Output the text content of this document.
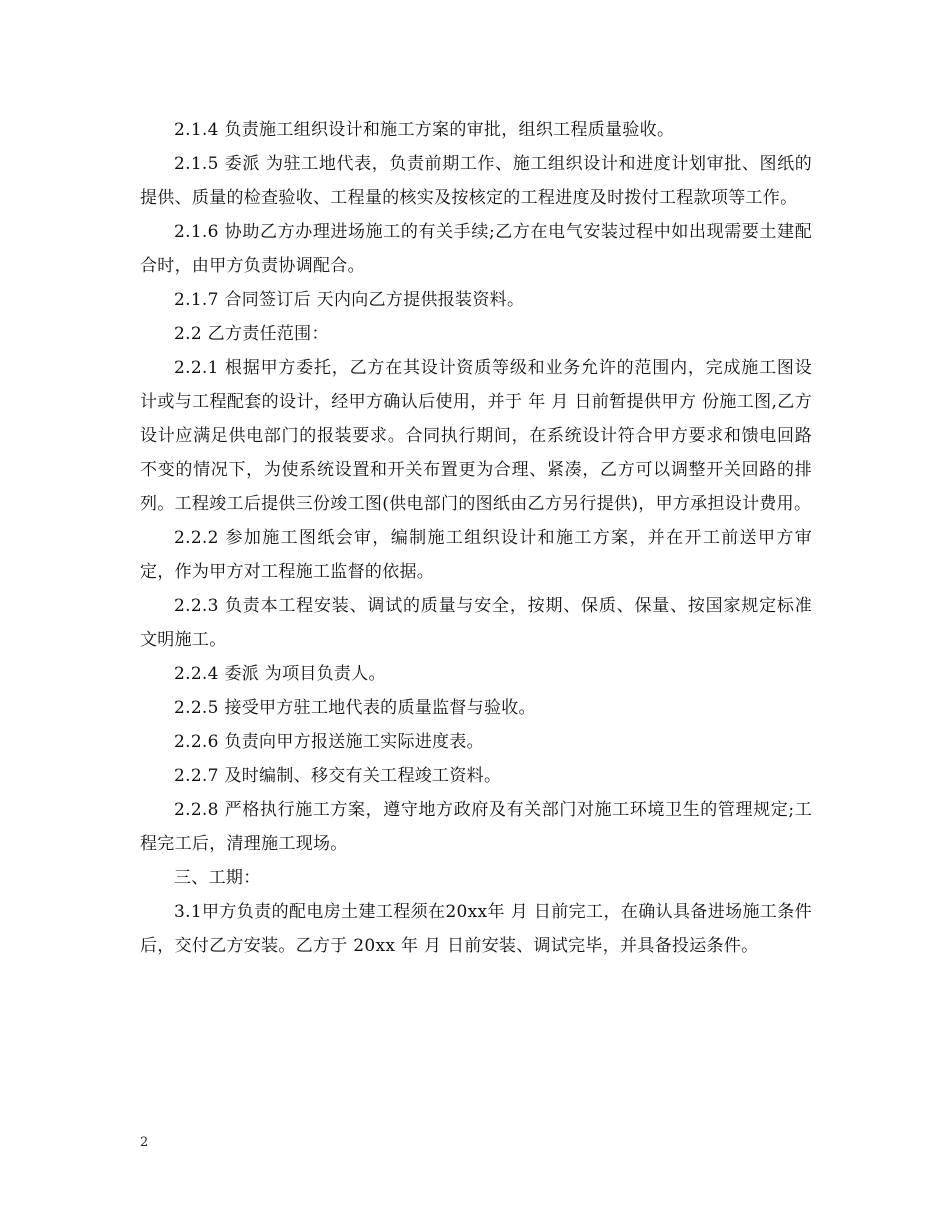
2.1.4 负责施工组织设计和施工方案的审批，组织工程质量验收。

2.1.5 委派 为驻工地代表，负责前期工作、施工组织设计和进度计划审批、图纸的提供、质量的检查验收、工程量的核实及按核定的工程进度及时拨付工程款项等工作。

2.1.6 协助乙方办理进场施工的有关手续;乙方在电气安装过程中如出现需要土建配合时，由甲方负责协调配合。

2.1.7 合同签订后 天内向乙方提供报装资料。

2.2 乙方责任范围：

2.2.1 根据甲方委托，乙方在其设计资质等级和业务允许的范围内，完成施工图设计或与工程配套的设计，经甲方确认后使用，并于 年 月 日前暂提供甲方 份施工图,乙方设计应满足供电部门的报装要求。合同执行期间，在系统设计符合甲方要求和馈电回路不变的情况下，为使系统设置和开关布置更为合理、紧凑，乙方可以调整开关回路的排列。工程竣工后提供三份竣工图(供电部门的图纸由乙方另行提供)，甲方承担设计费用。

2.2.2 参加施工图纸会审，编制施工组织设计和施工方案，并在开工前送甲方审定，作为甲方对工程施工监督的依据。

2.2.3 负责本工程安装、调试的质量与安全，按期、保质、保量、按国家规定标准文明施工。

2.2.4 委派 为项目负责人。

2.2.5 接受甲方驻工地代表的质量监督与验收。

2.2.6 负责向甲方报送施工实际进度表。

2.2.7 及时编制、移交有关工程竣工资料。

2.2.8 严格执行施工方案，遵守地方政府及有关部门对施工环境卫生的管理规定;工程完工后，清理施工现场。

三、工期：

3.1甲方负责的配电房土建工程须在20xx年 月 日前完工，在确认具备进场施工条件后，交付乙方安装。乙方于 20xx 年 月 日前安装、调试完毕，并具备投运条件。

2
